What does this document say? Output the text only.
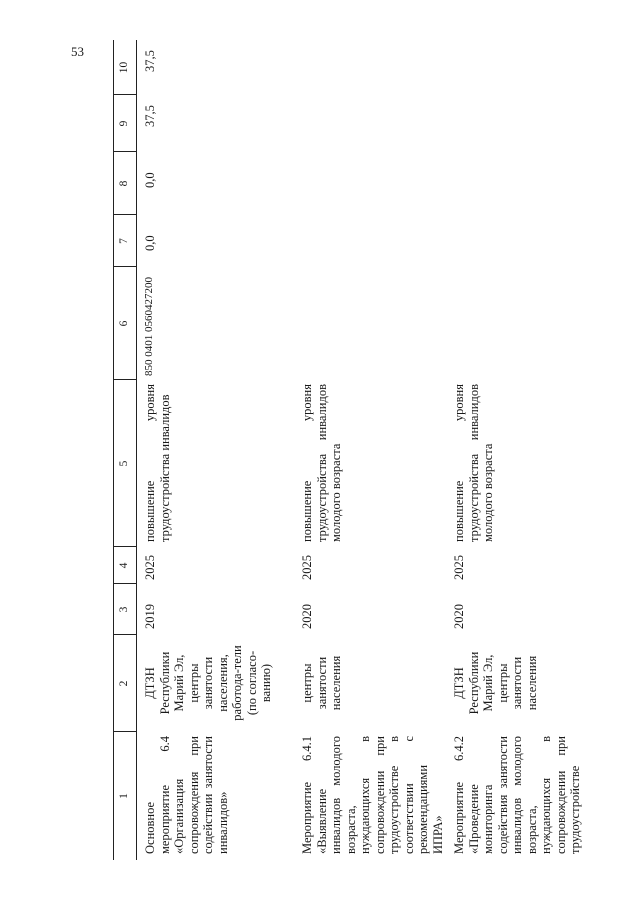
53
1
2
3
4
5
6
7
8
9
10
Основное мероприятие 6.4 «Организация сопровождения при содействии занятости инвалидов»
ДТЗН Республики Марий Эл, центры занятости населения, работода-тели (по согласо-ванию)
2019
2025
повышение уровня трудоустройства инвалидов
850 0401 0560427200
0,0
0,0
37,5
37,5
Мероприятие 6.4.1 «Выявление инвалидов молодого возраста, нуждающихся в сопровождении при трудоустройстве в соответствии с рекомендациями ИПРА»
центры занятости населения
2020
2025
повышение уровня трудоустройства инвалидов молодого возраста
Мероприятие 6.4.2 «Проведение мониторинга содействия занятости инвалидов молодого возраста, нуждающихся в сопровождении при трудоустройстве
ДТЗН Республики Марий Эл, центры занятости населения
2020
2025
повышение уровня трудоустройства инвалидов молодого возраста
